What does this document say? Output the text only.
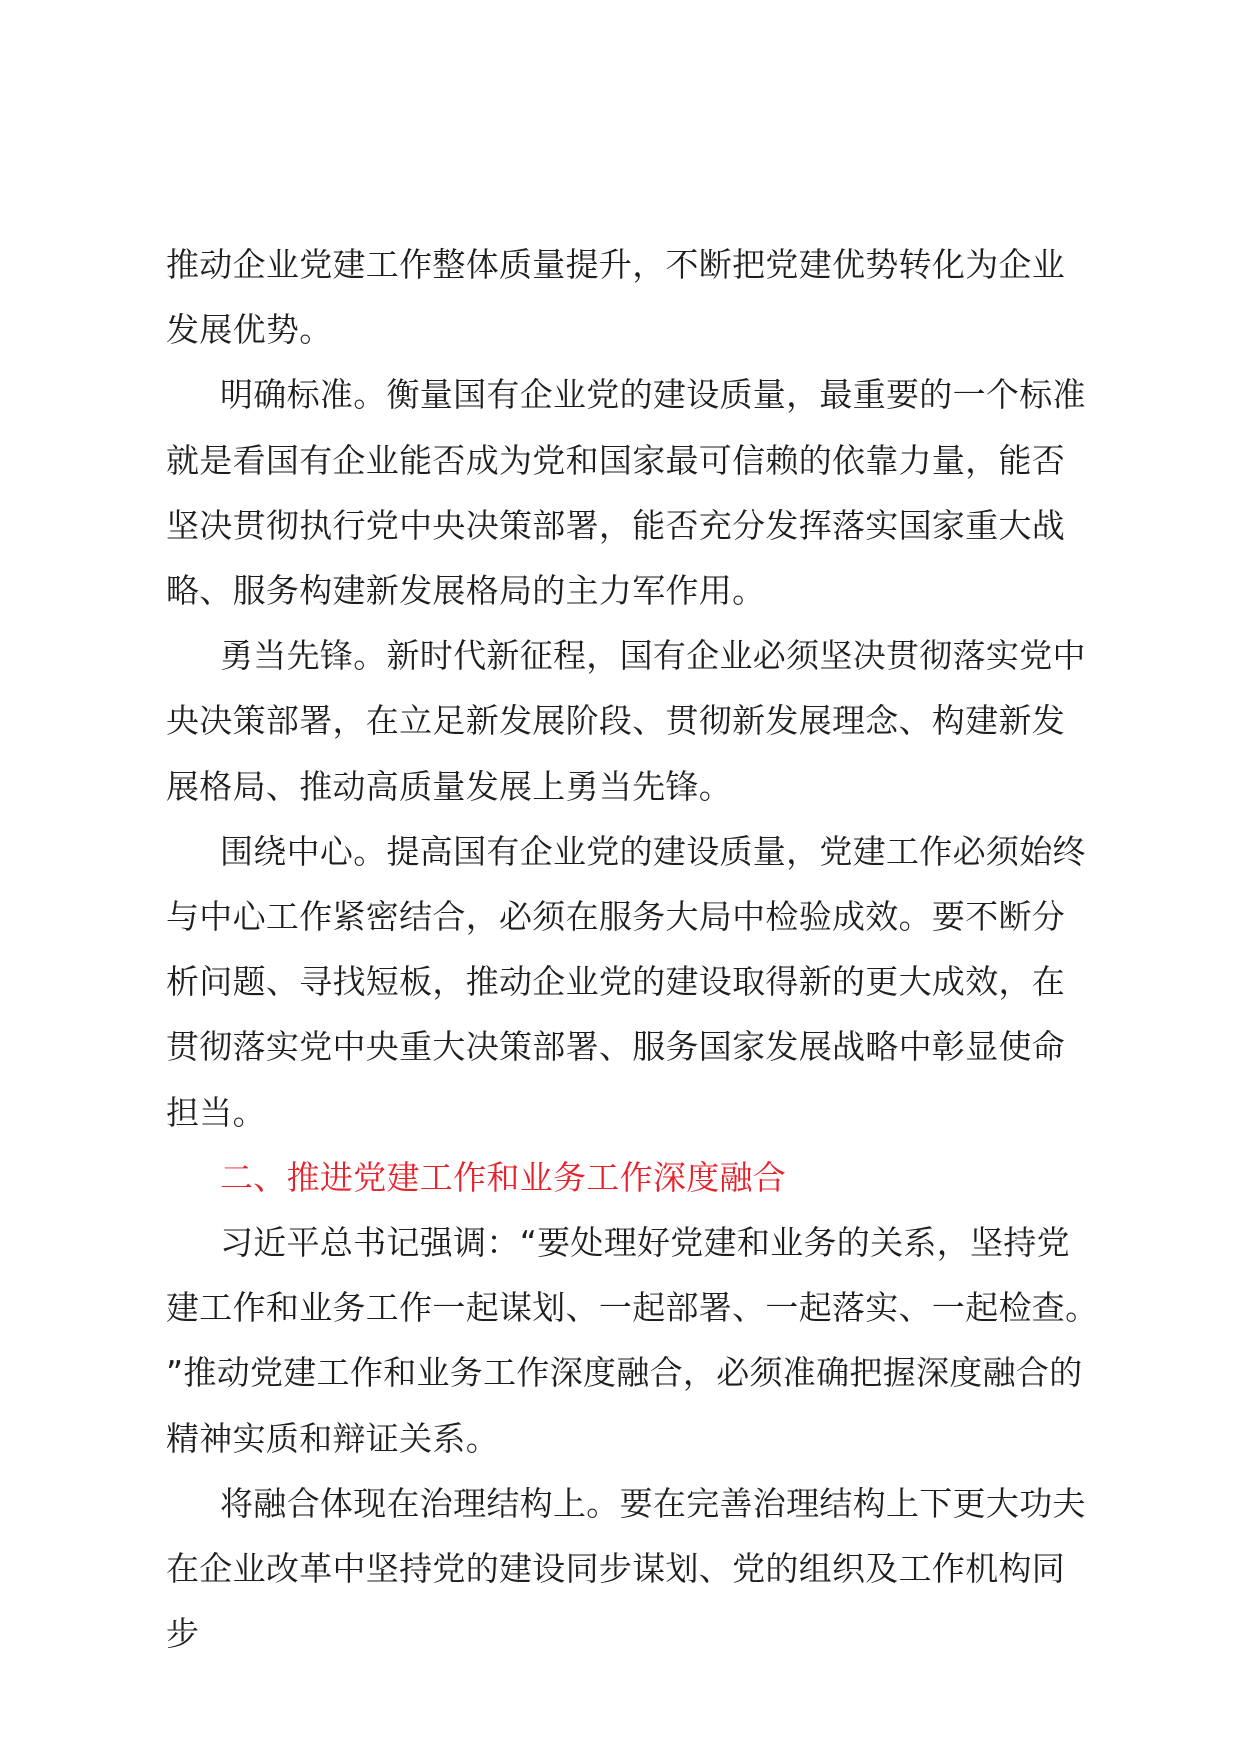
推动企业党建工作整体质量提升，不断把党建优势转化为企业发展优势。

明确标准。衡量国有企业党的建设质量，最重要的一个标准就是看国有企业能否成为党和国家最可信赖的依靠力量，能否坚决贯彻执行党中央决策部署，能否充分发挥落实国家重大战略、服务构建新发展格局的主力军作用。

勇当先锋。新时代新征程，国有企业必须坚决贯彻落实党中央决策部署，在立足新发展阶段、贯彻新发展理念、构建新发展格局、推动高质量发展上勇当先锋。

围绕中心。提高国有企业党的建设质量，党建工作必须始终与中心工作紧密结合，必须在服务大局中检验成效。要不断分析问题、寻找短板，推动企业党的建设取得新的更大成效，在贯彻落实党中央重大决策部署、服务国家发展战略中彰显使命担当。

二、推进党建工作和业务工作深度融合

习近平总书记强调：“要处理好党建和业务的关系，坚持党建工作和业务工作一起谋划、一起部署、一起落实、一起检查。”推动党建工作和业务工作深度融合，必须准确把握深度融合的精神实质和辩证关系。

将融合体现在治理结构上。要在完善治理结构上下更大功夫在企业改革中坚持党的建设同步谋划、党的组织及工作机构同步
